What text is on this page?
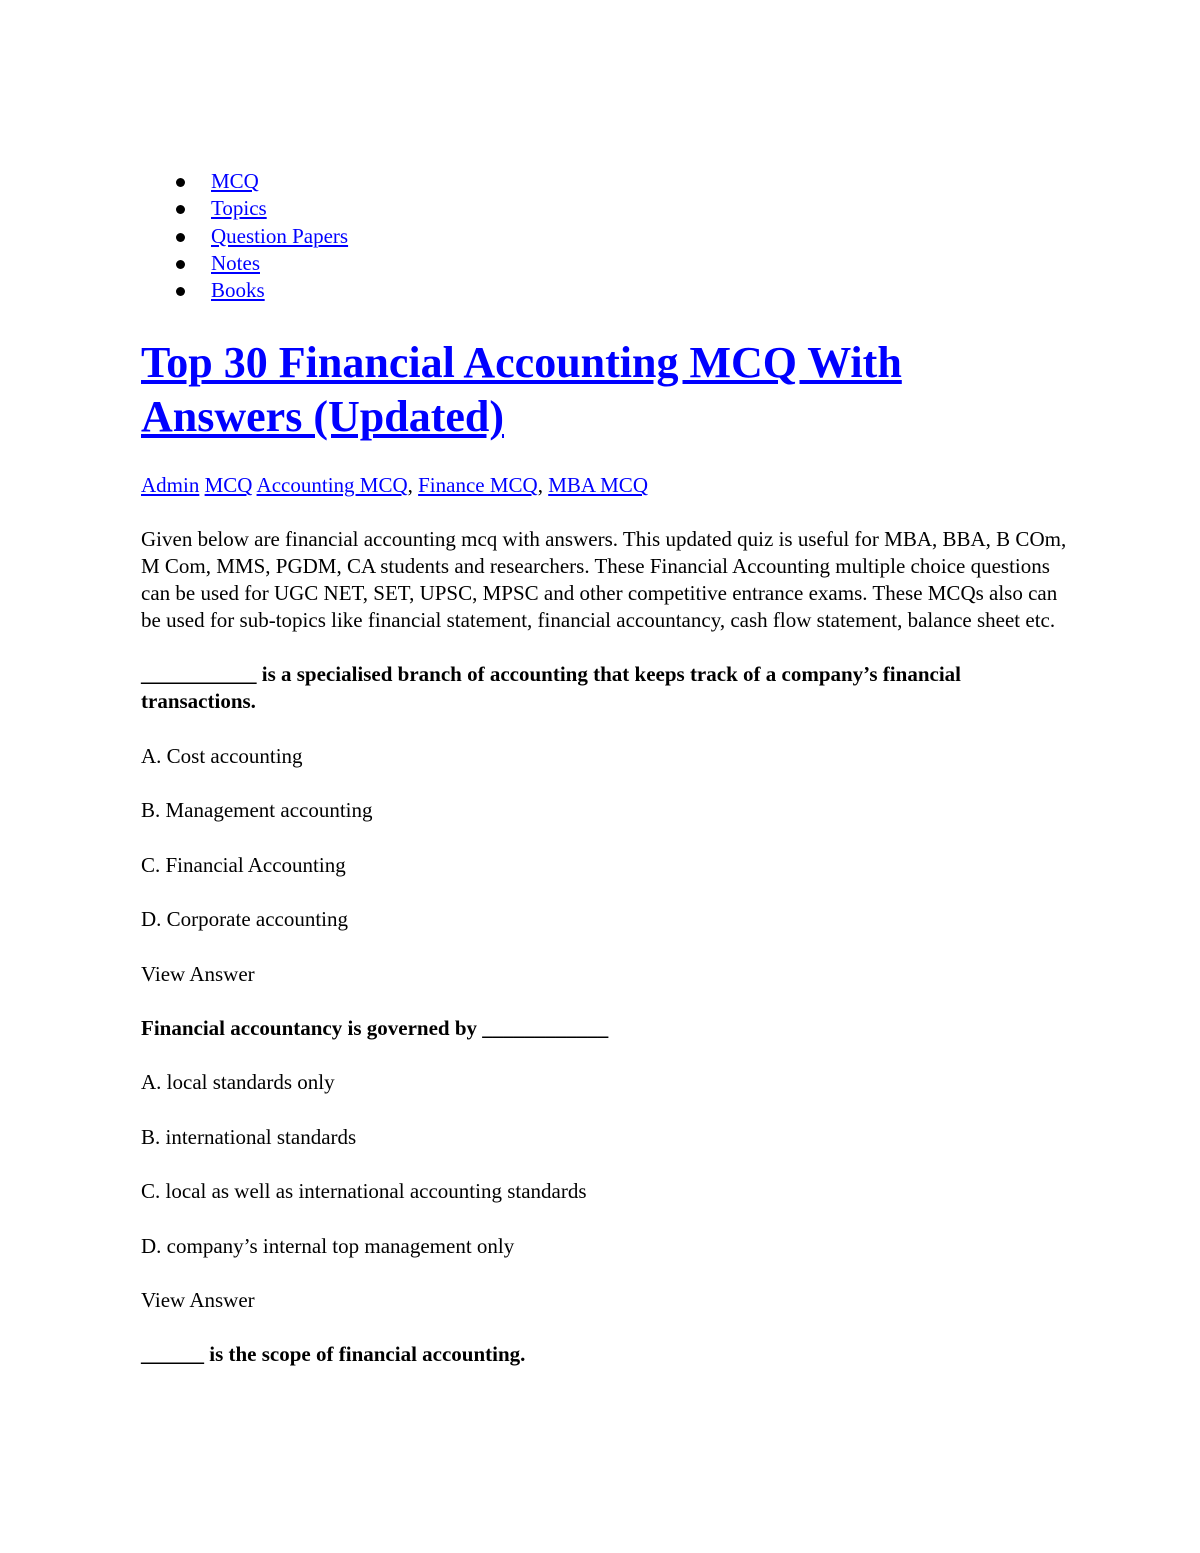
MCQ
Topics
Question Papers
Notes
Books
Top 30 Financial Accounting MCQ With
Answers (Updated)
Admin MCQ Accounting MCQ, Finance MCQ, MBA MCQ
Given below are financial accounting mcq with answers. This updated quiz is useful for MBA, BBA, B COm, M Com, MMS, PGDM, CA students and researchers. These Financial Accounting multiple choice questions can be used for UGC NET, SET, UPSC, MPSC and other competitive entrance exams. These MCQs also can be used for sub-topics like financial statement, financial accountancy, cash flow statement, balance sheet etc.
___________ is a specialised branch of accounting that keeps track of a company’s financial transactions.
A. Cost accounting
B. Management accounting
C. Financial Accounting
D. Corporate accounting
View Answer
Financial accountancy is governed by ____________
A. local standards only
B. international standards
C. local as well as international accounting standards
D. company’s internal top management only
View Answer
______ is the scope of financial accounting.
